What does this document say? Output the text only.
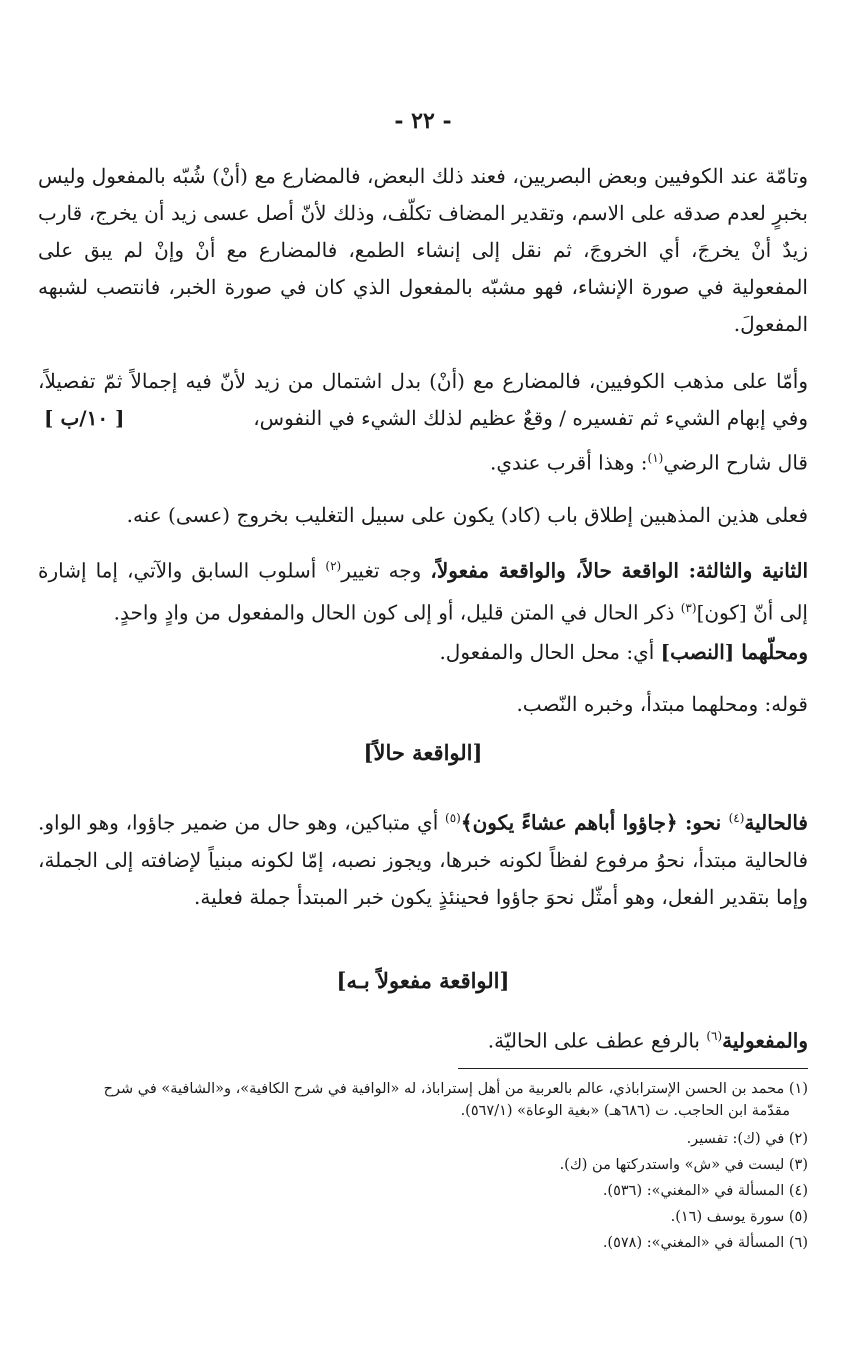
- ٢٢ -

وتامّة عند الكوفيين وبعض البصريين، فعند ذلك البعض، فالمضارع مع (أنْ) شُبّه بالمفعول وليس بخبرٍ لعدم صدقه على الاسم، وتقدير المضاف تكلّف، وذلك لأنّ أصل عسى زيد أن يخرج، قارب زيدٌ أنْ يخرجَ، أي الخروجَ، ثم نقل إلى إنشاء الطمع، فالمضارع مع أنْ وإنْ لم يبق على المفعولية في صورة الإنشاء، فهو مشبّه بالمفعول الذي كان في صورة الخبر، فانتصب لشبهه المفعولَ.

وأمّا على مذهب الكوفيين، فالمضارع مع (أنْ) بدل اشتمال من زيد لأنّ فيه إجمالاً ثمّ تفصيلاً، وفي إبهام الشيء ثم تفسيره / وقعٌ عظيم لذلك الشيء في النفوس،
[ ١٠/ب ]

قال شارح الرضي$^{(١)}$: وهذا أقرب عندي.

فعلى هذين المذهبين إطلاق باب (كاد) يكون على سبيل التغليب بخروج (عسى) عنه.

الثانية والثالثة: الواقعة حالاً، والواقعة مفعولاً، وجه تغيير$^{(٢)}$ أسلوب السابق والآتي، إما إشارة إلى أنّ [كون]$^{(٣)}$ ذكر الحال في المتن قليل، أو إلى كون الحال والمفعول من وادٍ واحدٍ.

ومحلّهما [النصب] أي: محل الحال والمفعول.

قوله: ومحلهما مبتدأ، وخبره النّصب.

[الواقعة حالاً]

فالحالية$^{(٤)}$ نحو: ﴿جاؤوا أباهم عشاءً يكون﴾$^{(٥)}$ أي متباكين، وهو حال من ضمير جاؤوا، وهو الواو. فالحالية مبتدأ، نحوُ مرفوع لفظاً لكونه خبرها، ويجوز نصبه، إمّا لكونه مبنياً لإضافته إلى الجملة، وإما بتقدير الفعل، وهو أمثّل نحوَ جاؤوا فحينئذٍ يكون خبر المبتدأ جملة فعلية.

[الواقعة مفعولاً بـه]

والمفعولية$^{(٦)}$ بالرفع عطف على الحاليّة.

(١) محمد بن الحسن الإستراباذي، عالم بالعربية من أهل إستراباذ، له «الوافية في شرح الكافية»، و«الشافية» في شرح
مقدّمة ابن الحاجب. ت (٦٨٦هـ) «بغية الوعاة» (٥٦٧/١).
(٢) في (ك): تفسير.
(٣) ليست في «ش» واستدركتها من (ك).
(٤) المسألة في «المغني»: (٥٣٦).
(٥) سورة يوسف (١٦).
(٦) المسألة في «المغني»: (٥٧٨).
